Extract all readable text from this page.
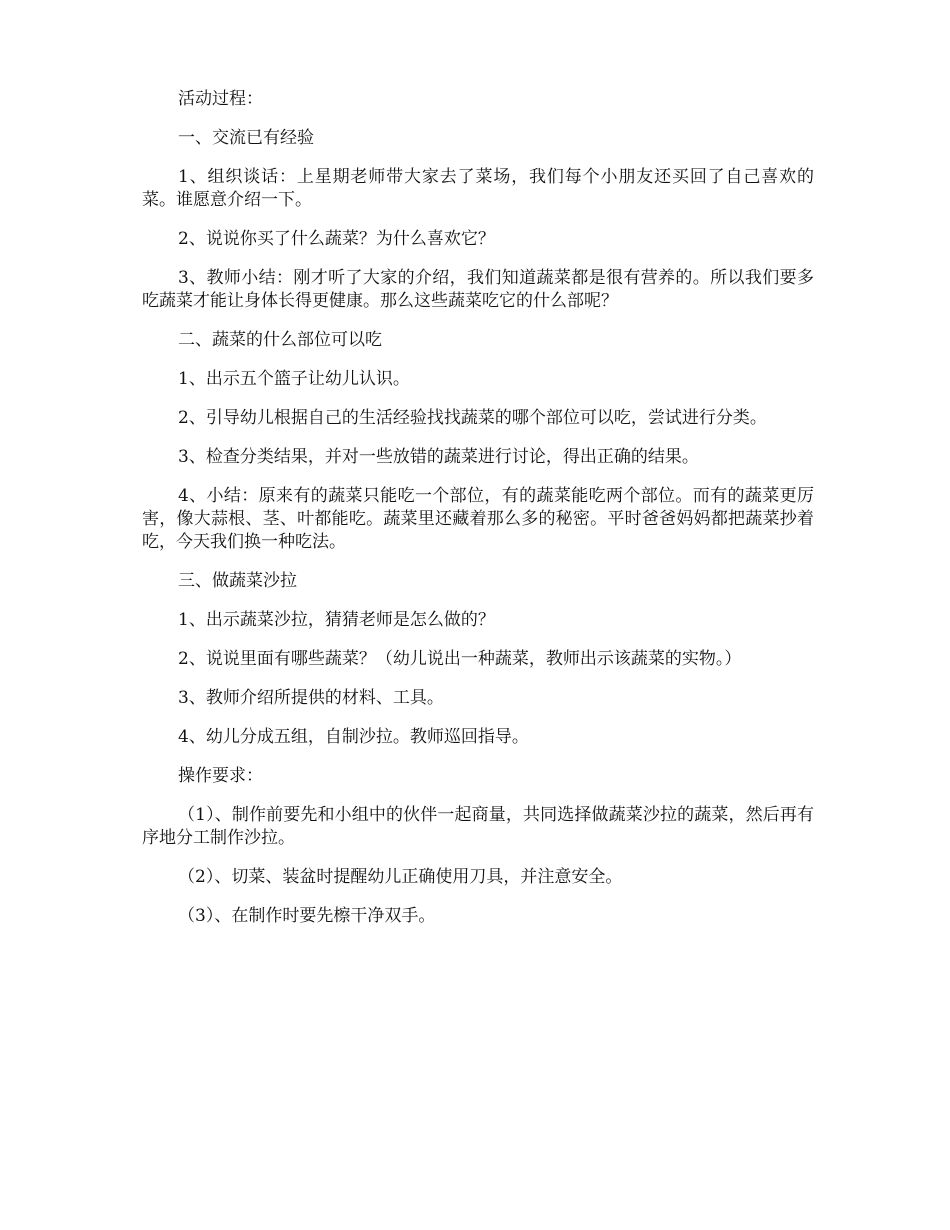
活动过程：

一、交流已有经验

1、组织谈话：上星期老师带大家去了菜场，我们每个小朋友还买回了自己喜欢的菜。谁愿意介绍一下。

2、说说你买了什么蔬菜？为什么喜欢它？

3、教师小结：刚才听了大家的介绍，我们知道蔬菜都是很有营养的。所以我们要多吃蔬菜才能让身体长得更健康。那么这些蔬菜吃它的什么部呢？

二、蔬菜的什么部位可以吃

1、出示五个篮子让幼儿认识。

2、引导幼儿根据自己的生活经验找找蔬菜的哪个部位可以吃，尝试进行分类。

3、检查分类结果，并对一些放错的蔬菜进行讨论，得出正确的结果。

4、小结：原来有的蔬菜只能吃一个部位，有的蔬菜能吃两个部位。而有的蔬菜更厉害，像大蒜根、茎、叶都能吃。蔬菜里还藏着那么多的秘密。平时爸爸妈妈都把蔬菜抄着吃，今天我们换一种吃法。

三、做蔬菜沙拉

1、出示蔬菜沙拉，猜猜老师是怎么做的？

2、说说里面有哪些蔬菜？（幼儿说出一种蔬菜，教师出示该蔬菜的实物。）

3、教师介绍所提供的材料、工具。

4、幼儿分成五组，自制沙拉。教师巡回指导。

操作要求：

（1）、制作前要先和小组中的伙伴一起商量，共同选择做蔬菜沙拉的蔬菜，然后再有序地分工制作沙拉。

（2）、切菜、装盆时提醒幼儿正确使用刀具，并注意安全。

（3）、在制作时要先檫干净双手。
